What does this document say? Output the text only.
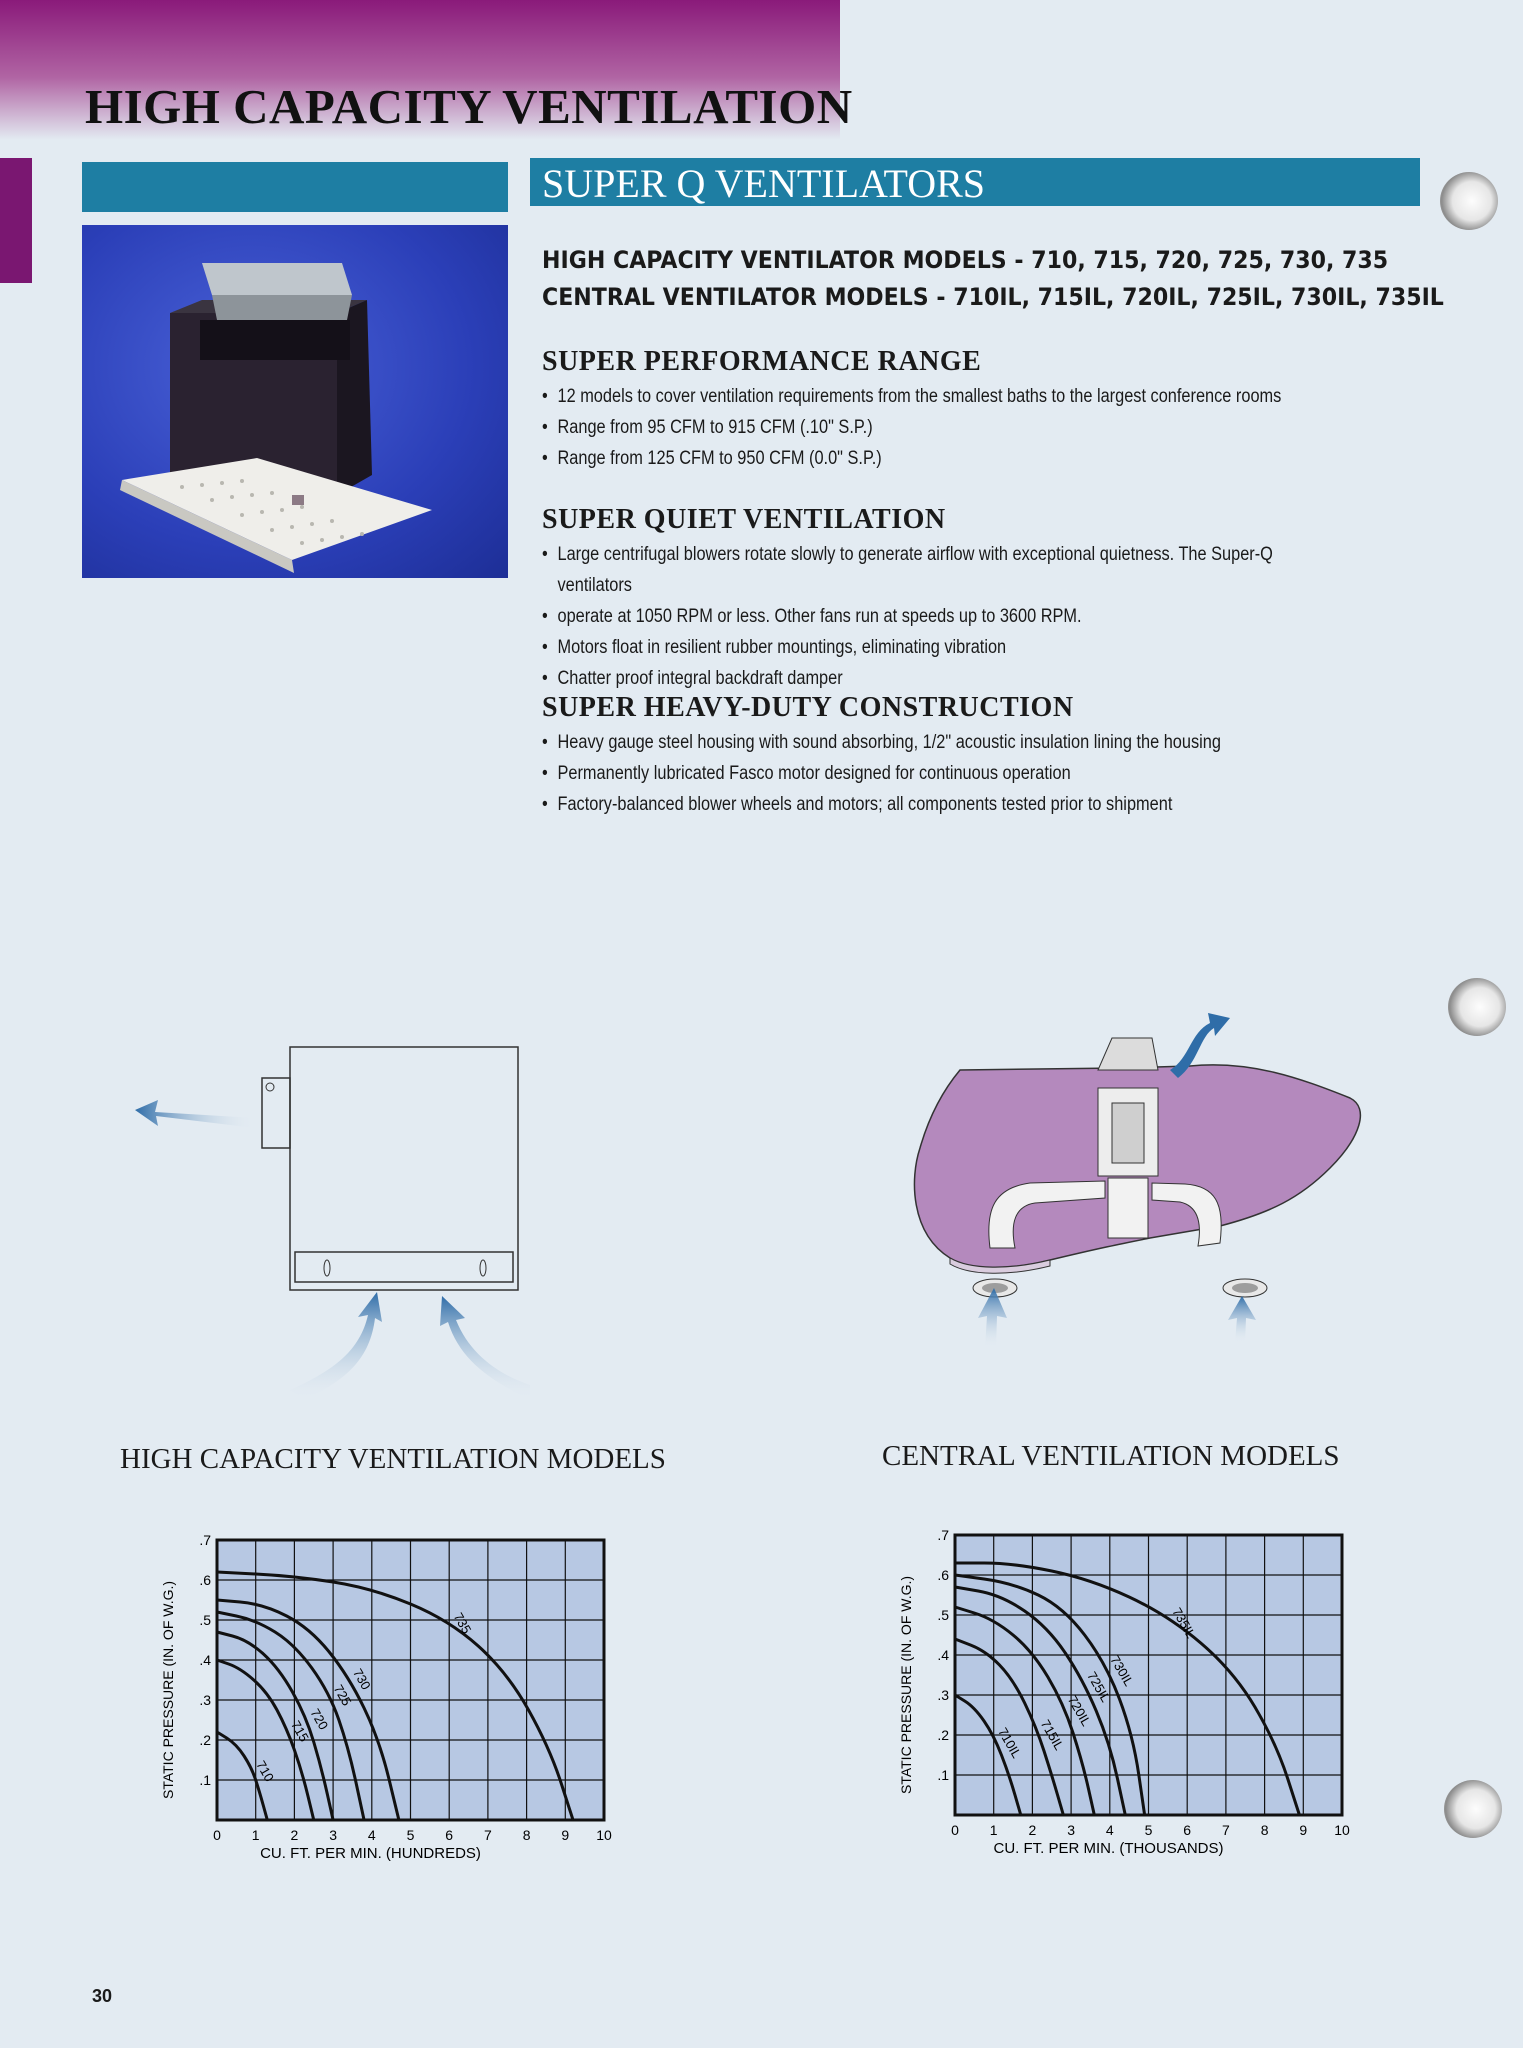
HIGH CAPACITY VENTILATION
SUPER Q VENTILATORS
HIGH CAPACITY VENTILATOR MODELS - 710, 715, 720, 725, 730, 735
CENTRAL VENTILATOR MODELS - 710IL, 715IL, 720IL, 725IL, 730IL, 735IL
SUPER PERFORMANCE RANGE
• 12 models to cover ventilation requirements from the smallest baths to the largest conference rooms
• Range from 95 CFM to 915 CFM (.10" S.P.)
• Range from 125 CFM to 950 CFM (0.0" S.P.)
SUPER QUIET VENTILATION
• Large centrifugal blowers rotate slowly to generate airflow with exceptional quietness. The Super-Q ventilators
• operate at 1050 RPM or less. Other fans run at speeds up to 3600 RPM.
• Motors float in resilient rubber mountings, eliminating vibration
• Chatter proof integral backdraft damper
SUPER HEAVY-DUTY CONSTRUCTION
• Heavy gauge steel housing with sound absorbing, 1/2" acoustic insulation lining the housing
• Permanently lubricated Fasco motor designed for continuous operation
• Factory-balanced blower wheels and motors; all components tested prior to shipment
HIGH CAPACITY VENTILATION MODELS	CENTRAL VENTILATION MODELS
0 1 2 3 4 5 6 7 8 9 10
.1
.2
.3
.4
.5
.6
.7
CU. FT. PER MIN. (HUNDREDS)
STATIC PRESSURE (IN. OF W.G.)	710
715
720
725
730
735
0 1 2 3 4 5 6 7 8 9 10
.1
.2
.3
.4
.5
.6
.7
CU. FT. PER MIN. (THOUSANDS)
STATIC PRESSURE (IN. OF W.G.)	710IL 715IL
720IL
725IL
730IL
735IL
30
